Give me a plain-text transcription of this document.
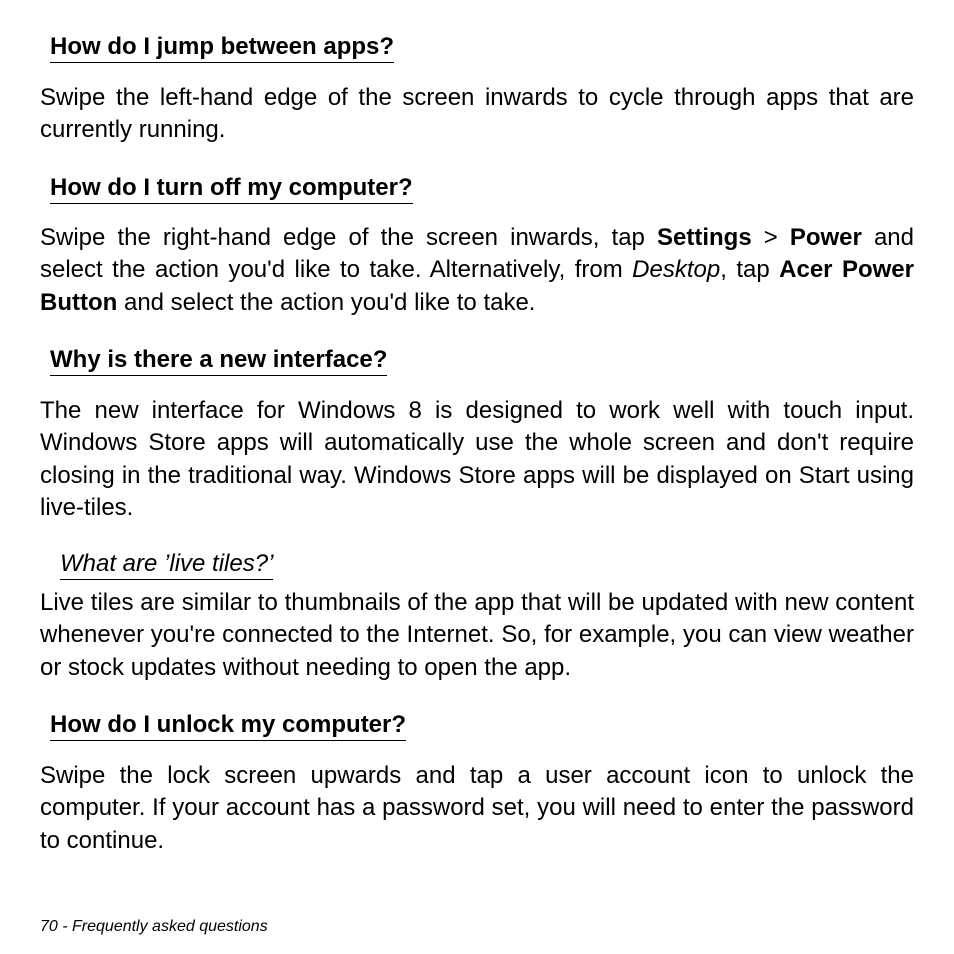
How do I jump between apps?

Swipe the left-hand edge of the screen inwards to cycle through apps that are currently running.

How do I turn off my computer?

Swipe the right-hand edge of the screen inwards, tap Settings > Power and select the action you'd like to take. Alternatively, from Desktop, tap Acer Power Button and select the action you'd like to take.

Why is there a new interface?

The new interface for Windows 8 is designed to work well with touch input. Windows Store apps will automatically use the whole screen and don't require closing in the traditional way. Windows Store apps will be displayed on Start using live-tiles.

What are ’live tiles?’

Live tiles are similar to thumbnails of the app that will be updated with new content whenever you're connected to the Internet. So, for example, you can view weather or stock updates without needing to open the app.

How do I unlock my computer?

Swipe the lock screen upwards and tap a user account icon to unlock the computer. If your account has a password set, you will need to enter the password to continue.

70 - Frequently asked questions
